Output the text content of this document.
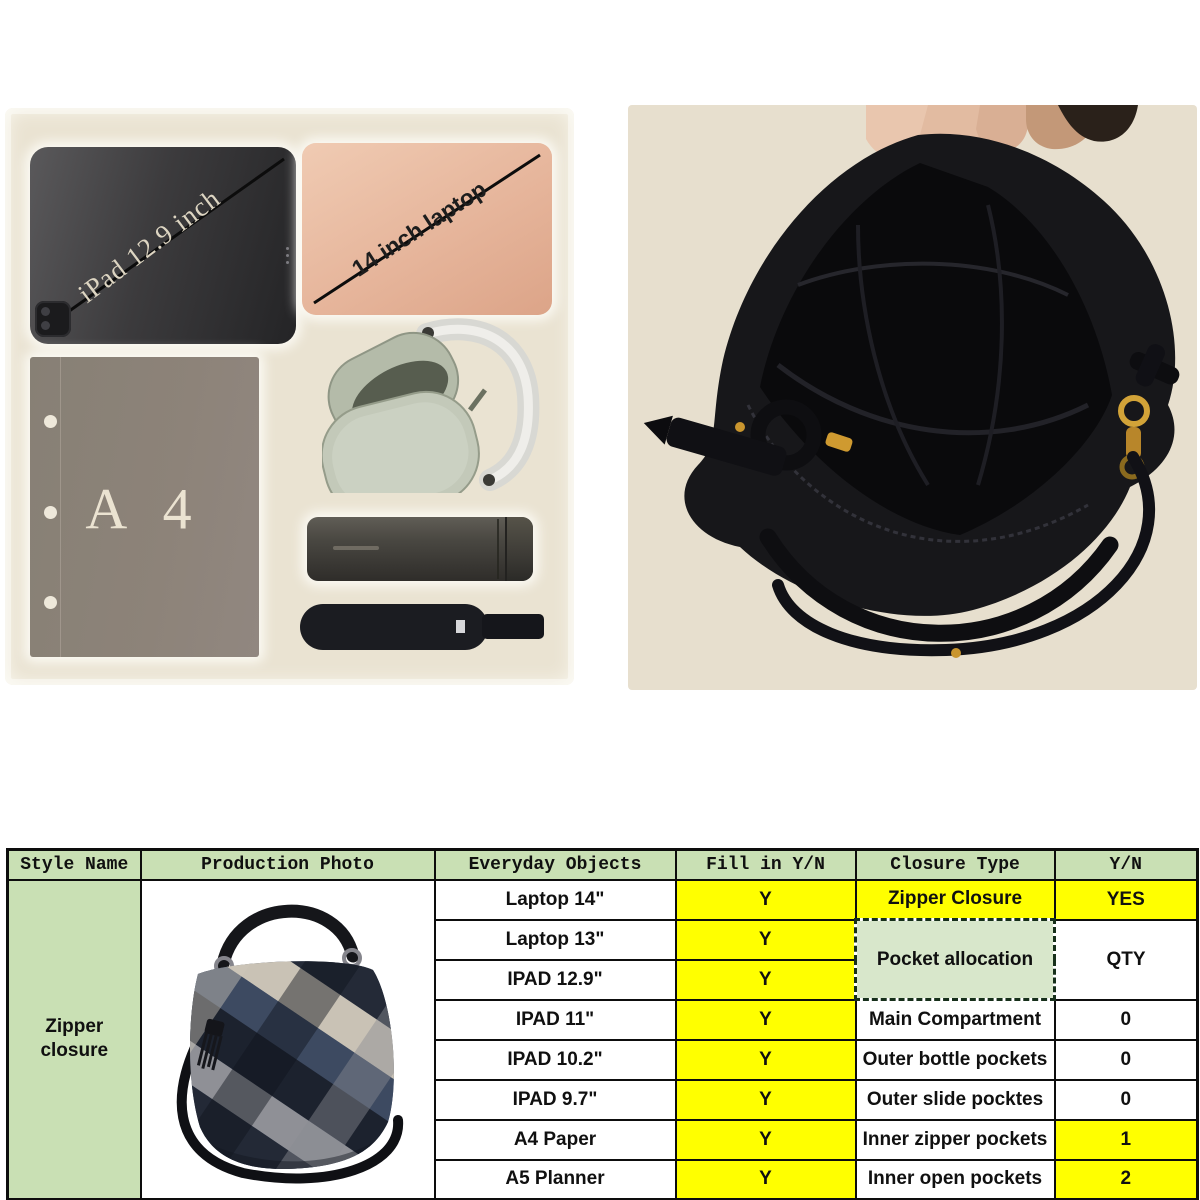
iPad 12.9 inch	14 inch laptop
A 4
Style Name	Production Photo	Everyday Objects	Fill in Y/N	Closure Type	Y/N
Zipper closure		Laptop 14"	Y	Zipper Closure	YES
		Laptop 13"	Y	Pocket allocation	QTY
		IPAD 12.9"	Y		
		IPAD 11"	Y	Main Compartment	0
		IPAD 10.2"	Y	Outer bottle pockets	0
		IPAD 9.7"	Y	Outer slide pocktes	0
		A4 Paper	Y	Inner zipper pockets	1
		A5 Planner	Y	Inner open pockets	2
